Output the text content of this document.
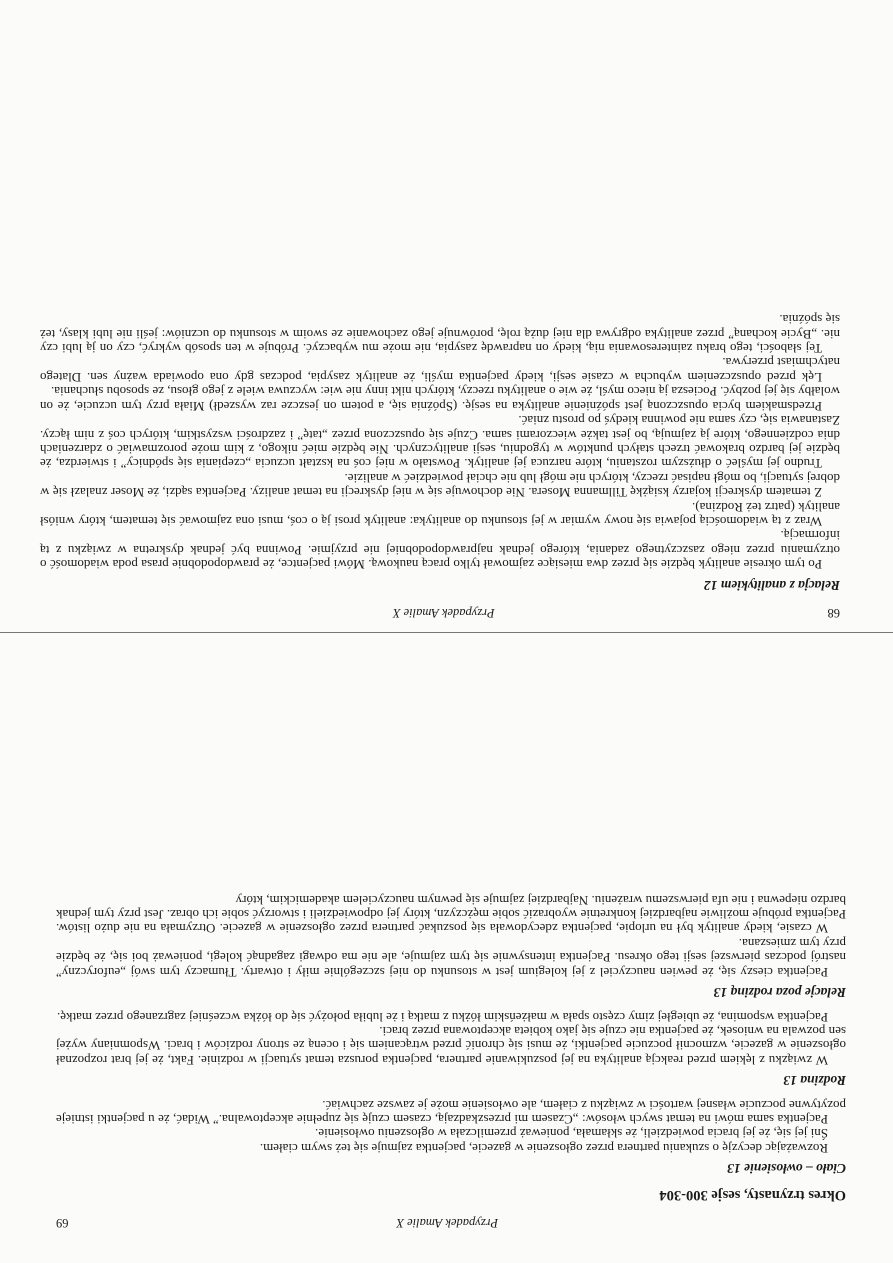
68
Przypadek Amalie X
Relacja z analitykiem 12

Po tym okresie analityk będzie się przez dwa miesiące zajmował tylko pracą naukową. Mówi pacjentce, że prawdopodobnie prasa poda wiadomość o otrzymaniu przez niego zaszczytnego zadania, którego jednak najprawdopodobniej nie przyjmie. Powinna być jednak dyskretna w związku z tą informacją.

Wraz z tą wiadomością pojawia się nowy wymiar w jej stosunku do analityka: analityk prosi ją o coś, musi ona zajmować się tematem, który wniósł analityk (patrz też Rodzina).

Z tematem dyskrecji kojarzy książkę Tillmanna Mosera. Nie dochowuje się w niej dyskrecji na temat analizy. Pacjentka sądzi, że Moser znalazł się w dobrej sytuacji, bo mógł napisać rzeczy, których nie mógł lub nie chciał powiedzieć w analizie.

Trudno jej myśleć o dłuższym rozstaniu, które narzuca jej analityk. Powstało w niej coś na kształt uczucia „czepiania się spódnicy” i stwierdza, że będzie jej bardzo brakować trzech stałych punktów w tygodniu, sesji analitycznych. Nie będzie mieć nikogo, z kim może porozmawiać o zdarzeniach dnia codziennego, które ją zajmują, bo jest także wieczorami sama. Czuje się opuszczona przez „tatę” i zazdrości wszystkim, których coś z nim łączy. Zastanawia się, czy sama nie powinna kiedyś po prostu zniać.

Przedsmakiem bycia opuszczoną jest spóźnienie analityka na sesję. (Spóźnia się, a potem on jeszcze raz wyszedł) Miała przy tym uczucie, że on wolałby się jej pozbyć. Pociesza ją nieco myśl, że wie o analityku rzeczy, których nikt inny nie wie: wyczuwa wiele z jego głosu, ze sposobu słuchania.

Lęk przed opuszczeniem wybucha w czasie sesji, kiedy pacjentka myśli, że analityk zasypia, podczas gdy ona opowiada ważny sen. Dlatego natychmiast przerywa.

Tej słabości, tego braku zainteresowania nią, kiedy on naprawdę zasypia, nie może mu wybaczyć. Próbuje w ten sposób wykryć, czy on ją lubi czy nie. „Bycie kochaną” przez analityka odgrywa dla niej dużą rolę, porównuje jego zachowanie ze swoim w stosunku do uczniów: jeśli nie lubi klasy, też się spóźnia.

Przypadek Amalie X
69
Okres trzynasty, sesje 300-304
Ciało – owłosienie 13

Rozważając decyzję o szukaniu partnera przez ogłoszenie w gazecie, pacjentka zajmuje się też swym ciałem.

Śni jej się, że jej bracia powiedzieli, że skłamała, ponieważ przemilczała w ogłoszeniu owłosienie.

Pacjentka sama mówi na temat swych włosów: „Czasem mi przeszkadzają, czasem czuję się zupełnie akceptowalna.” Widać, że u pacjentki istnieje pozytywne poczucie własnej wartości w związku z ciałem, ale owłosienie może je zawsze zachwiać.

Rodzina 13

W związku z lękiem przed reakcją analityka na jej poszukiwanie partnera, pacjentka porusza temat sytuacji w rodzinie. Fakt, że jej brat rozpoznał ogłoszenie w gazecie, wzmocnił poczucie pacjentki, że musi się chronić przed wtrącaniem się i oceną ze strony rodziców i braci. Wspomniany wyżej sen pozwala na wniosek, że pacjentka nie czuje się jako kobieta akceptowana przez braci.

Pacjentka wspomina, że ubiegłej zimy często spała w małżeńskim łóżku z matką i że lubiła położyć się do łóżka wcześniej zagrzanego przez matkę.

Relacje poza rodziną 13

Pacjentka cieszy się, że pewien nauczyciel z jej kolegium jest w stosunku do niej szczególnie miły i otwarty. Tłumaczy tym swój „euforyczny” nastrój podczas pierwszej sesji tego okresu. Pacjentka intensywnie się tym zajmuje, ale nie ma odwagi zagadnąć kolegi, ponieważ boi się, że będzie przy tym zmieszana.

W czasie, kiedy analityk był na urlopie, pacjentka zdecydowała się poszukać partnera przez ogłoszenie w gazecie. Otrzymała na nie dużo listów. Pacjentka próbuje możliwie najbardziej konkretnie wyobrazić sobie mężczyzn, który jej odpowiedzieli i stworzyć sobie ich obraz. Jest przy tym jednak bardzo niepewna i nie ufa pierwszemu wrażeniu. Najbardziej zajmuje się pewnym nauczycielem akademickim, który
